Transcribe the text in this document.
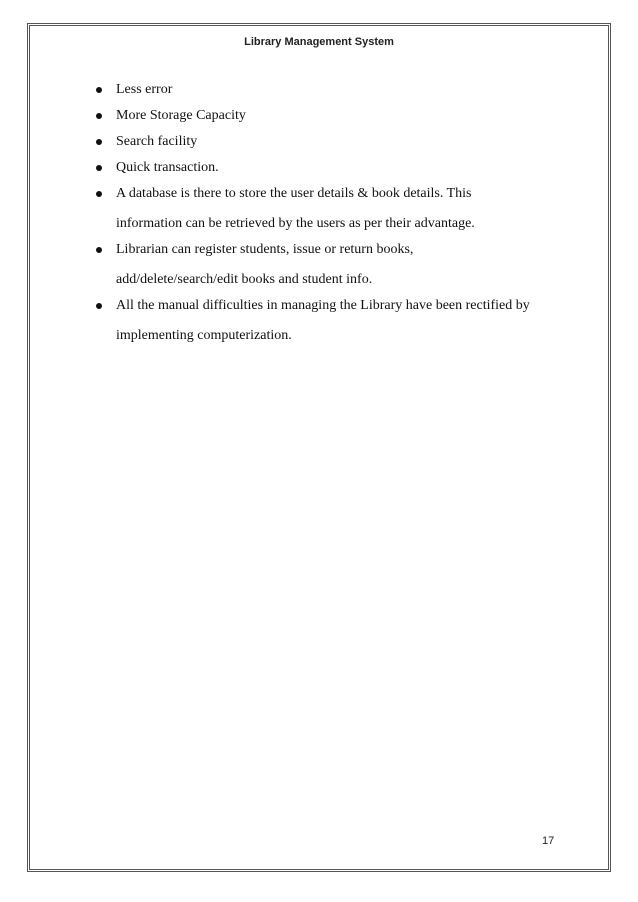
Library Management System
Less error
More Storage Capacity
Search facility
Quick transaction.
A database is there to store the user details & book details. This
information can be retrieved by the users as per their advantage.
Librarian can register students, issue or return books,
add/delete/search/edit books and student info.
All the manual difficulties in managing the Library have been rectified by
implementing computerization.
17
